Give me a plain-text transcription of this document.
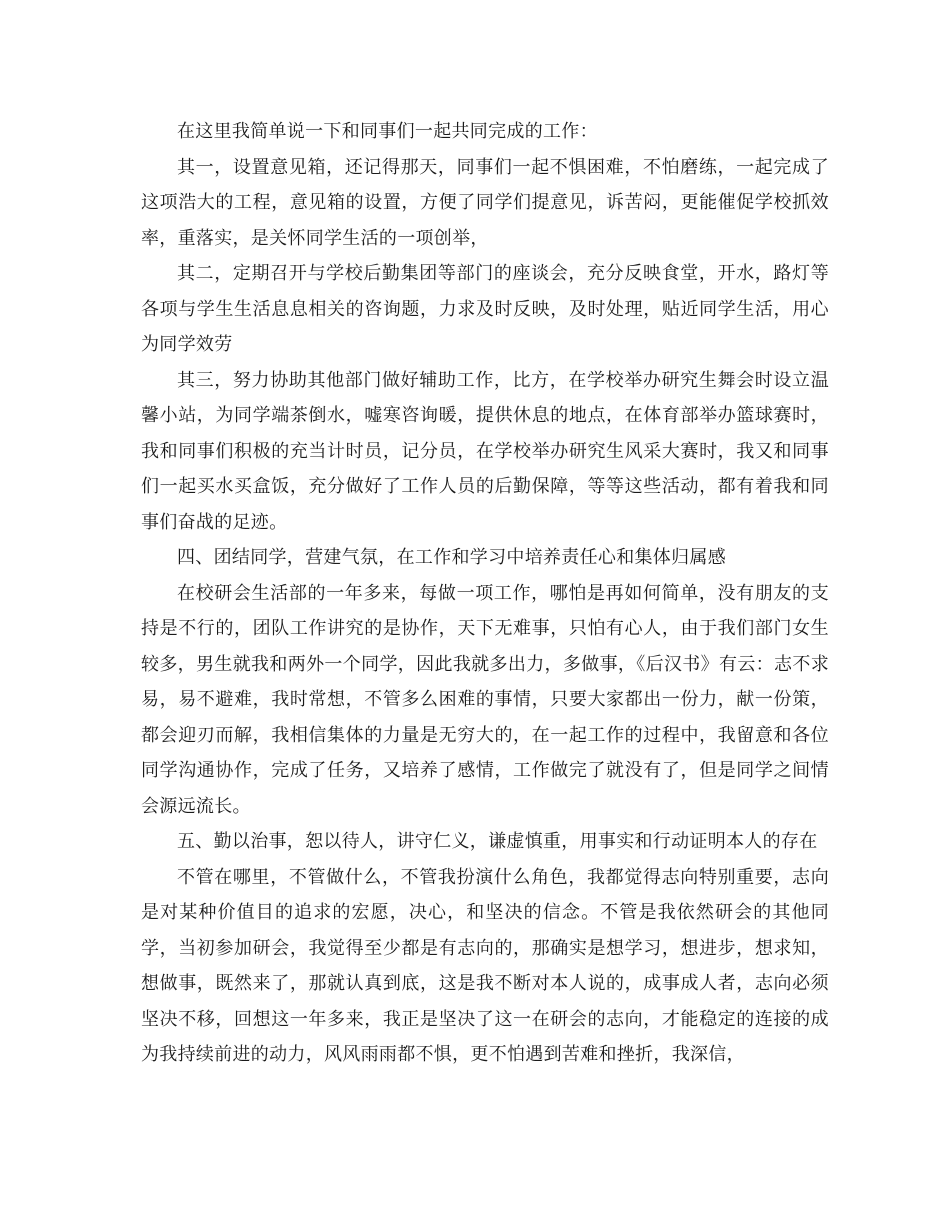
在这里我简单说一下和同事们一起共同完成的工作：

其一，设置意见箱，还记得那天，同事们一起不惧困难，不怕磨练，一起完成了这项浩大的工程，意见箱的设置，方便了同学们提意见，诉苦闷，更能催促学校抓效率，重落实，是关怀同学生活的一项创举，

其二，定期召开与学校后勤集团等部门的座谈会，充分反映食堂，开水，路灯等各项与学生生活息息相关的咨询题，力求及时反映，及时处理，贴近同学生活，用心为同学效劳

其三，努力协助其他部门做好辅助工作，比方，在学校举办研究生舞会时设立温馨小站，为同学端茶倒水，嘘寒咨询暖，提供休息的地点，在体育部举办篮球赛时，我和同事们积极的充当计时员，记分员，在学校举办研究生风采大赛时，我又和同事们一起买水买盒饭，充分做好了工作人员的后勤保障，等等这些活动，都有着我和同事们奋战的足迹。

四、团结同学，营建气氛，在工作和学习中培养责任心和集体归属感

在校研会生活部的一年多来，每做一项工作，哪怕是再如何简单，没有朋友的支持是不行的，团队工作讲究的是协作，天下无难事，只怕有心人，由于我们部门女生较多，男生就我和两外一个同学，因此我就多出力，多做事，《后汉书》有云：志不求易，易不避难，我时常想，不管多么困难的事情，只要大家都出一份力，献一份策，都会迎刃而解，我相信集体的力量是无穷大的，在一起工作的过程中，我留意和各位同学沟通协作，完成了任务，又培养了感情，工作做完了就没有了，但是同学之间情会源远流长。

五、勤以治事，恕以待人，讲守仁义，谦虚慎重，用事实和行动证明本人的存在

不管在哪里，不管做什么，不管我扮演什么角色，我都觉得志向特别重要，志向是对某种价值目的追求的宏愿，决心，和坚决的信念。不管是我依然研会的其他同学，当初参加研会，我觉得至少都是有志向的，那确实是想学习，想进步，想求知，想做事，既然来了，那就认真到底，这是我不断对本人说的，成事成人者，志向必须坚决不移，回想这一年多来，我正是坚决了这一在研会的志向，才能稳定的连接的成为我持续前进的动力，风风雨雨都不惧，更不怕遇到苦难和挫折，我深信，
